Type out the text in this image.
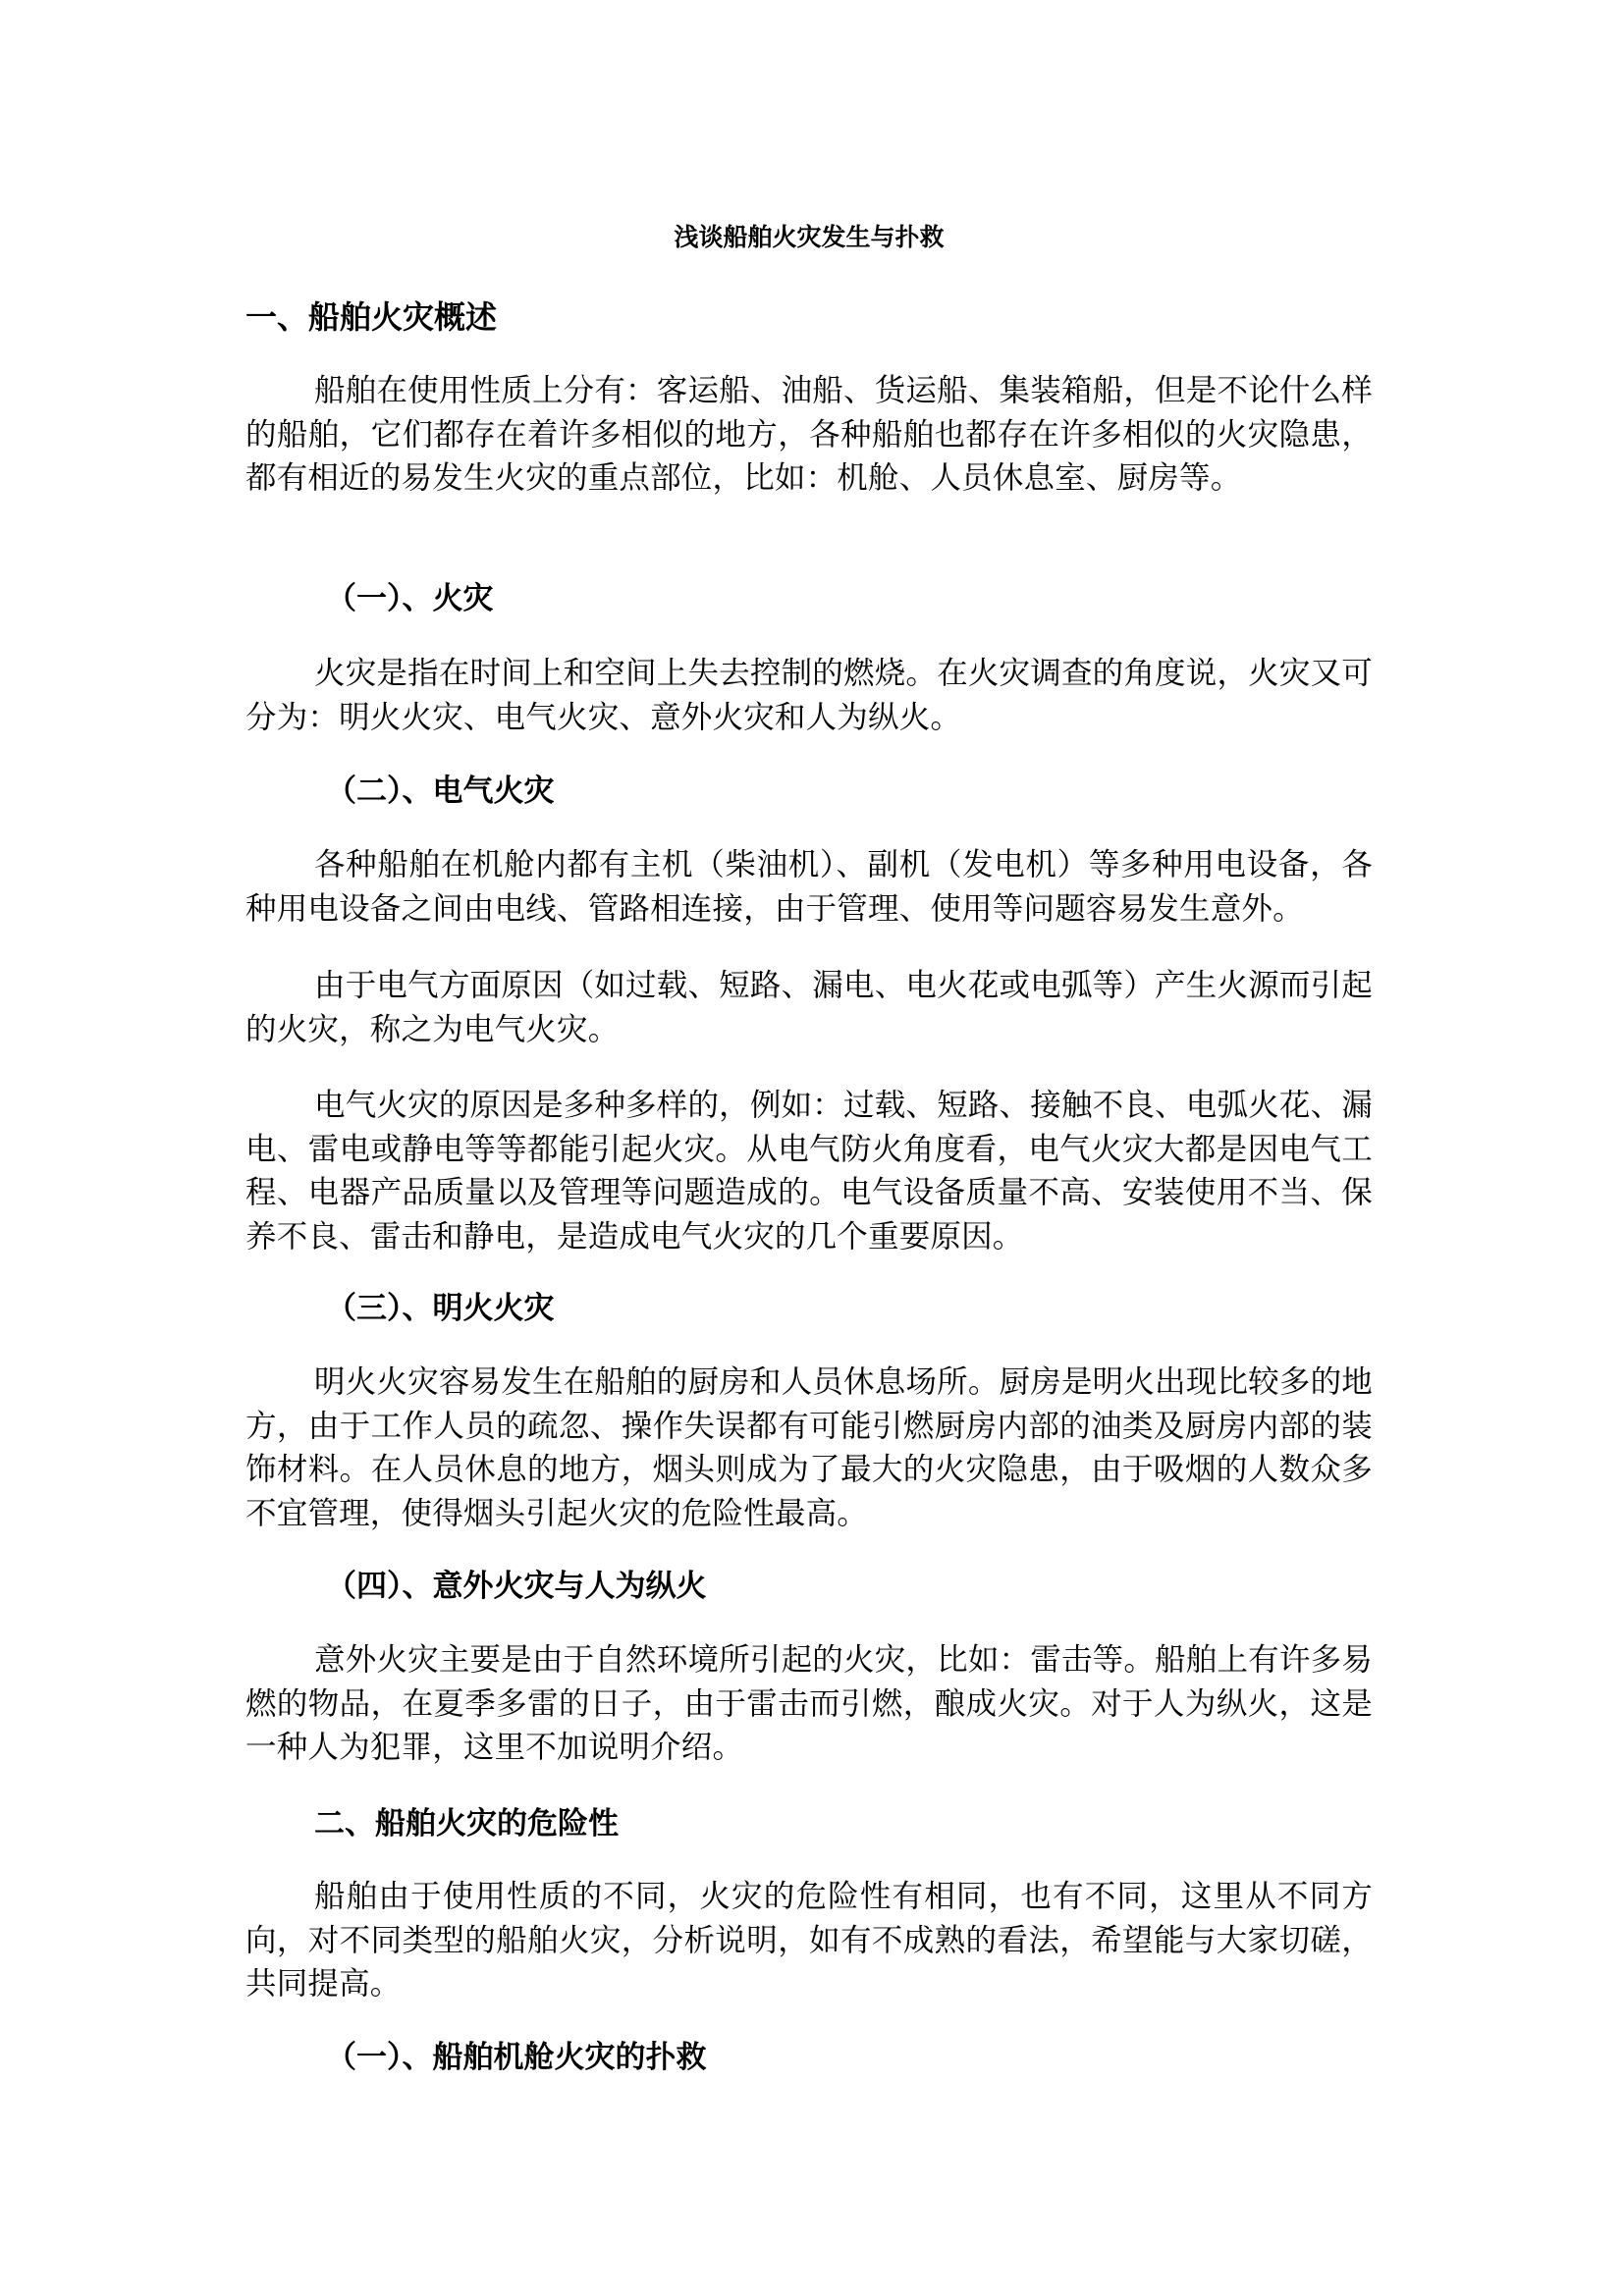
浅谈船舶火灾发生与扑救
一、船舶火灾概述
船舶在使用性质上分有：客运船、油船、货运船、集装箱船，但是不论什么样的船舶，它们都存在着许多相似的地方，各种船舶也都存在许多相似的火灾隐患，都有相近的易发生火灾的重点部位，比如：机舱、人员休息室、厨房等。
（一）、火灾
火灾是指在时间上和空间上失去控制的燃烧。在火灾调查的角度说，火灾又可分为：明火火灾、电气火灾、意外火灾和人为纵火。
（二）、电气火灾
各种船舶在机舱内都有主机（柴油机）、副机（发电机）等多种用电设备，各种用电设备之间由电线、管路相连接，由于管理、使用等问题容易发生意外。
由于电气方面原因（如过载、短路、漏电、电火花或电弧等）产生火源而引起的火灾，称之为电气火灾。
电气火灾的原因是多种多样的，例如：过载、短路、接触不良、电弧火花、漏电、雷电或静电等等都能引起火灾。从电气防火角度看，电气火灾大都是因电气工程、电器产品质量以及管理等问题造成的。电气设备质量不高、安装使用不当、保养不良、雷击和静电，是造成电气火灾的几个重要原因。
（三）、明火火灾
明火火灾容易发生在船舶的厨房和人员休息场所。厨房是明火出现比较多的地方，由于工作人员的疏忽、操作失误都有可能引燃厨房内部的油类及厨房内部的装饰材料。在人员休息的地方，烟头则成为了最大的火灾隐患，由于吸烟的人数众多不宜管理，使得烟头引起火灾的危险性最高。
（四）、意外火灾与人为纵火
意外火灾主要是由于自然环境所引起的火灾，比如：雷击等。船舶上有许多易燃的物品，在夏季多雷的日子，由于雷击而引燃，酿成火灾。对于人为纵火，这是一种人为犯罪，这里不加说明介绍。
二、船舶火灾的危险性
船舶由于使用性质的不同，火灾的危险性有相同，也有不同，这里从不同方向，对不同类型的船舶火灾，分析说明，如有不成熟的看法，希望能与大家切磋，共同提高。
（一）、船舶机舱火灾的扑救
